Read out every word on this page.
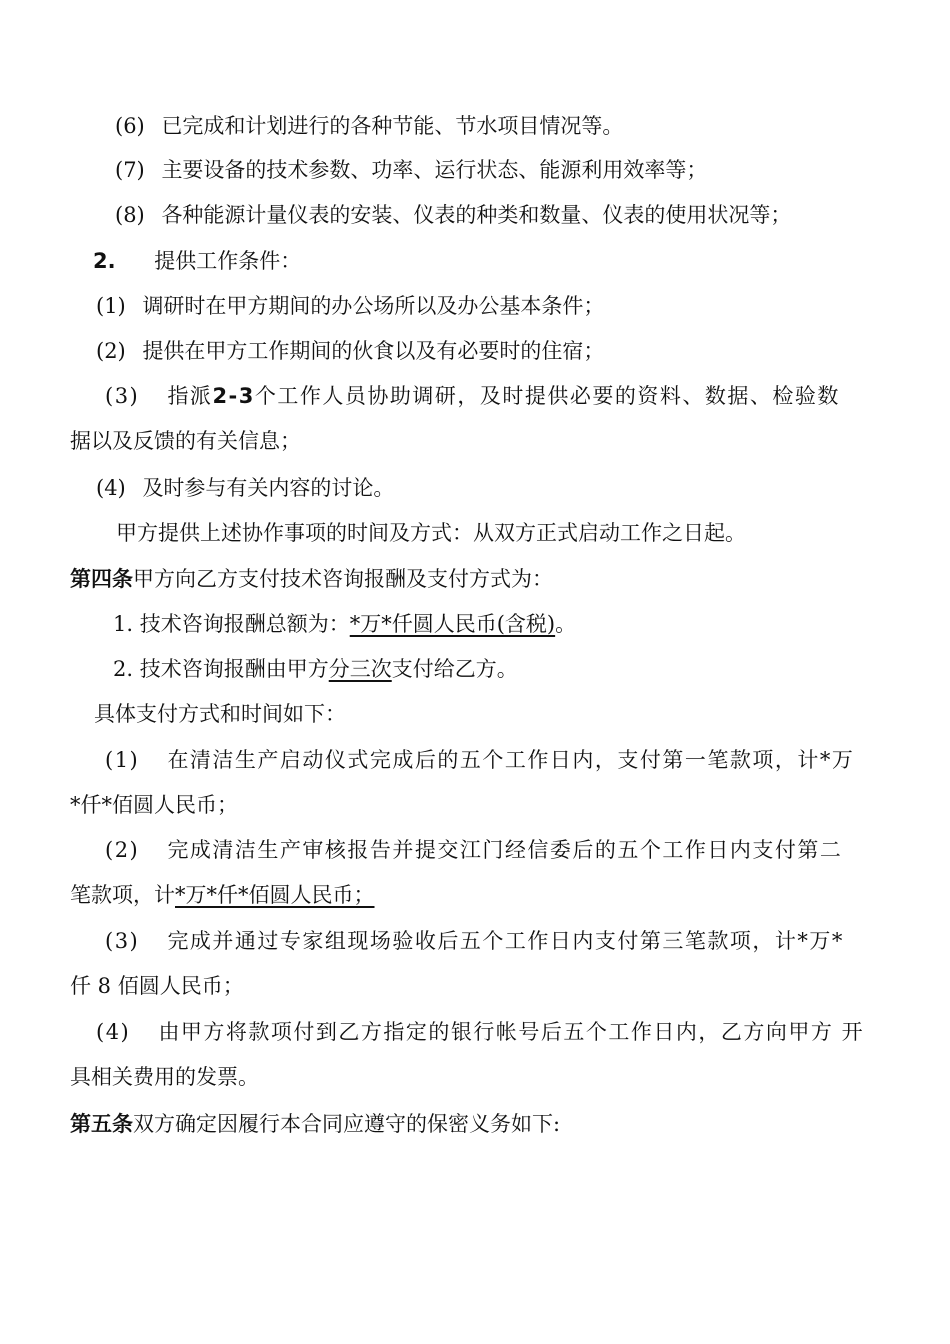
(6) 已完成和计划进行的各种节能、节水项目情况等。
(7) 主要设备的技术参数、功率、运行状态、能源利用效率等；
(8) 各种能源计量仪表的安装、仪表的种类和数量、仪表的使用状况等；
2. 提供工作条件：
(1) 调研时在甲方期间的办公场所以及办公基本条件；
(2) 提供在甲方工作期间的伙食以及有必要时的住宿；
(3) 指派2-3个工作人员协助调研，及时提供必要的资料、数据、检验数
据以及反馈的有关信息；
(4) 及时参与有关内容的讨论。
甲方提供上述协作事项的时间及方式：从双方正式启动工作之日起。
第四条甲方向乙方支付技术咨询报酬及支付方式为：
1. 技术咨询报酬总额为：*万*仟圆人民币(含税)。
2. 技术咨询报酬由甲方分三次支付给乙方。
具体支付方式和时间如下：
(1) 在清洁生产启动仪式完成后的五个工作日内，支付第一笔款项，计*万
*仟*佰圆人民币；
(2) 完成清洁生产审核报告并提交江门经信委后的五个工作日内支付第二
笔款项，计*万*仟*佰圆人民币；
(3) 完成并通过专家组现场验收后五个工作日内支付第三笔款项，计*万*
仟 8 佰圆人民币；
(4) 由甲方将款项付到乙方指定的银行帐号后五个工作日内，乙方向甲方 开
具相关费用的发票。
第五条双方确定因履行本合同应遵守的保密义务如下:
